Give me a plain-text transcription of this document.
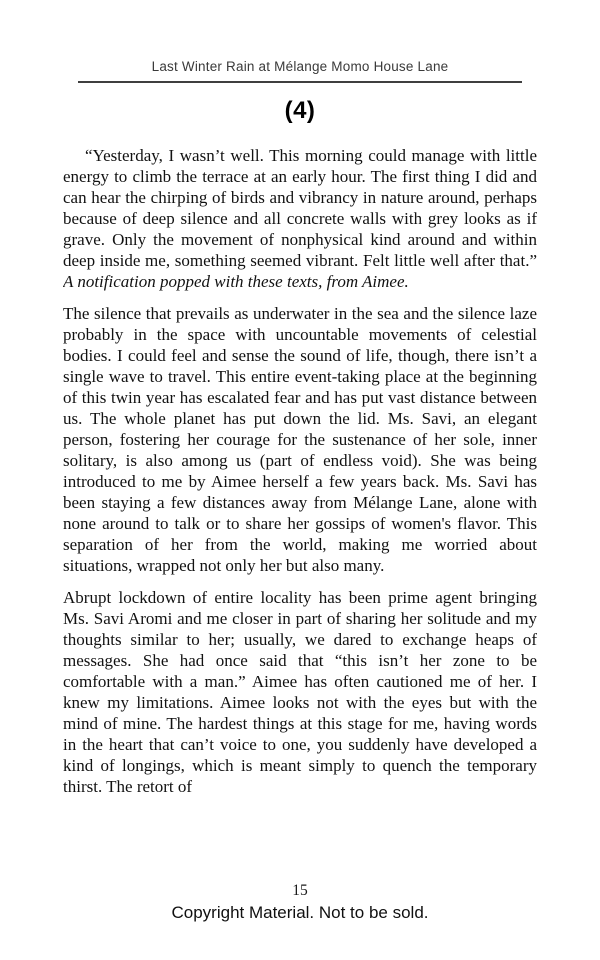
Last Winter Rain at Mélange Momo House Lane
(4)

“Yesterday, I wasn’t well. This morning could manage with little energy to climb the terrace at an early hour. The first thing I did and can hear the chirping of birds and vibrancy in nature around, perhaps because of deep silence and all concrete walls with grey looks as if grave. Only the movement of nonphysical kind around and within deep inside me, something seemed vibrant. Felt little well after that.” A notification popped with these texts, from Aimee.

The silence that prevails as underwater in the sea and the silence laze probably in the space with uncountable movements of celestial bodies. I could feel and sense the sound of life, though, there isn’t a single wave to travel. This entire event-taking place at the beginning of this twin year has escalated fear and has put vast distance between us. The whole planet has put down the lid. Ms. Savi, an elegant person, fostering her courage for the sustenance of her sole, inner solitary, is also among us (part of endless void). She was being introduced to me by Aimee herself a few years back. Ms. Savi has been staying a few distances away from Mélange Lane, alone with none around to talk or to share her gossips of women's flavor. This separation of her from the world, making me worried about situations, wrapped not only her but also many.

Abrupt lockdown of entire locality has been prime agent bringing Ms. Savi Aromi and me closer in part of sharing her solitude and my thoughts similar to her; usually, we dared to exchange heaps of messages. She had once said that “this isn’t her zone to be comfortable with a man.” Aimee has often cautioned me of her. I knew my limitations. Aimee looks not with the eyes but with the mind of mine. The hardest things at this stage for me, having words in the heart that can’t voice to one, you suddenly have developed a kind of longings, which is meant simply to quench the temporary thirst. The retort of

15
Copyright Material. Not to be sold.
